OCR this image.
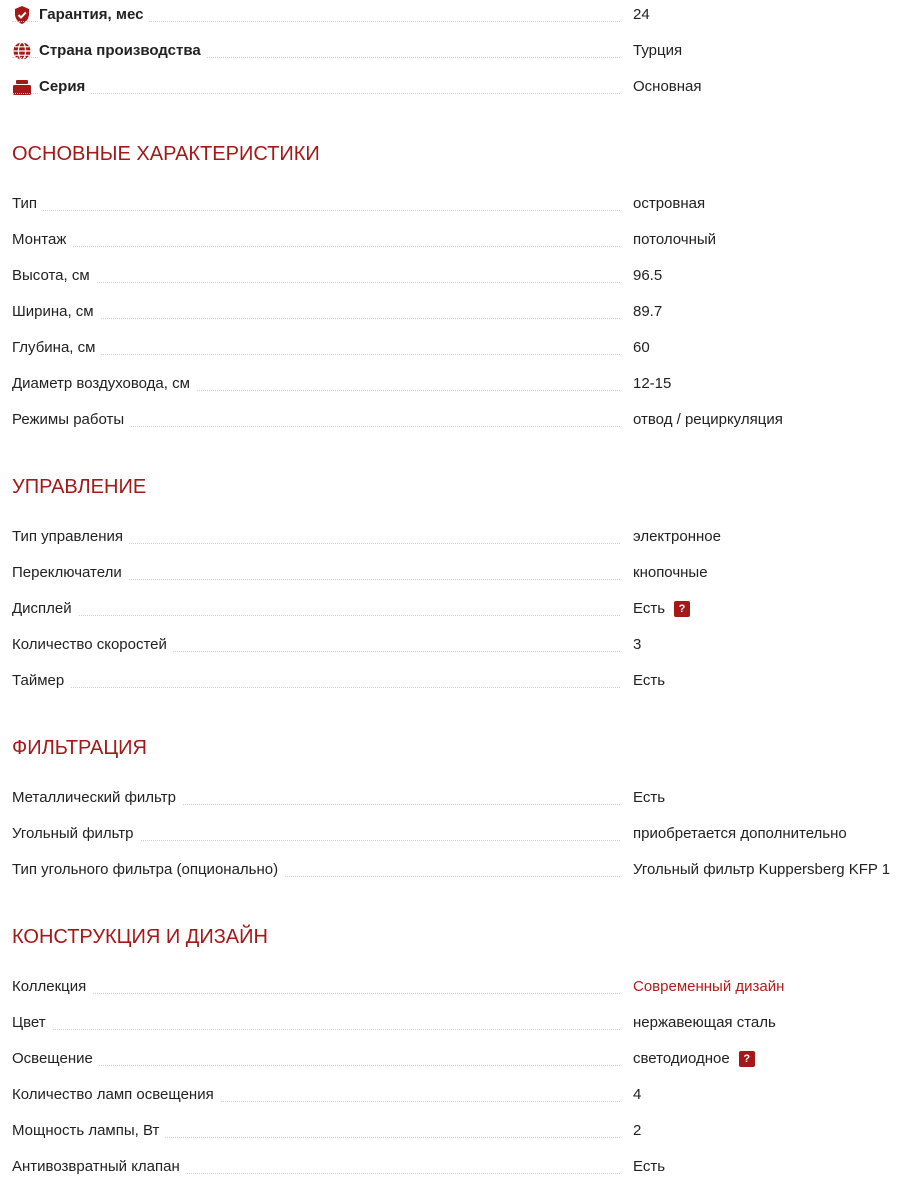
Гарантия, мес	24
Страна производства	Турция
Серия	Основная
ОСНОВНЫЕ ХАРАКТЕРИСТИКИ
Тип	островная
Монтаж	потолочный
Высота, см	96.5
Ширина, см	89.7
Глубина, см	60
Диаметр воздуховода, см	12-15
Режимы работы	отвод / рециркуляция
УПРАВЛЕНИЕ
Тип управления	электронное
Переключатели	кнопочные
Дисплей	Есть ?
Количество скоростей	3
Таймер	Есть
ФИЛЬТРАЦИЯ
Металлический фильтр	Есть
Угольный фильтр	приобретается дополнительно
Тип угольного фильтра (опционально)	Угольный фильтр Kuppersberg KFP 1
КОНСТРУКЦИЯ И ДИЗАЙН
Коллекция	Современный дизайн
Цвет	нержавеющая сталь
Освещение	светодиодное ?
Количество ламп освещения	4
Мощность лампы, Вт	2
Антивозвратный клапан	Есть
